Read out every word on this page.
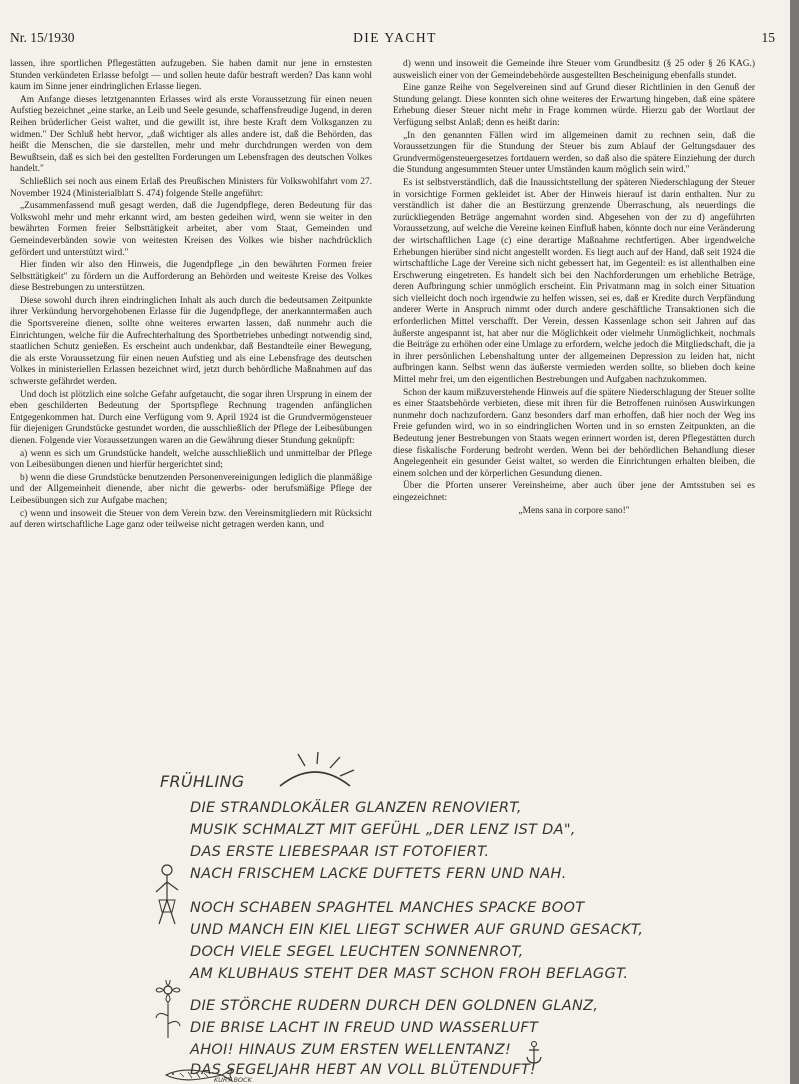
Nr. 15/1930	DIE YACHT	15

lassen, ihre sportlichen Pflegestätten aufzugeben. Sie haben damit nur jene in ernstesten Stunden verkündeten Erlasse befolgt — und sollen heute dafür bestraft werden? Das kann wohl kaum im Sinne jener eindringlichen Erlasse liegen.

Am Anfange dieses letztgenannten Erlasses wird als erste Voraussetzung für einen neuen Aufstieg bezeichnet „eine starke, an Leib und Seele gesunde, schaffensfreudige Jugend, in deren Reihen brüderlicher Geist waltet, und die gewillt ist, ihre beste Kraft dem Volksganzen zu widmen." Der Schluß hebt hervor, „daß wichtiger als alles andere ist, daß die Behörden, das heißt die Menschen, die sie darstellen, mehr und mehr durchdrungen werden von dem Bewußtsein, daß es sich bei den gestellten Forderungen um Lebensfragen des deutschen Volkes handelt."

Schließlich sei noch aus einem Erlaß des Preußischen Ministers für Volkswohlfahrt vom 27. November 1924 (Ministerialblatt S. 474) folgende Stelle angeführt:

„Zusammenfassend muß gesagt werden, daß die Jugendpflege, deren Bedeutung für das Volkswohl mehr und mehr erkannt wird, am besten gedeihen wird, wenn sie weiter in den bewährten Formen freier Selbsttätigkeit arbeitet, aber vom Staat, Gemeinden und Gemeindeverbänden sowie von weitesten Kreisen des Volkes wie bisher nachdrücklich gefördert und unterstützt wird."

Hier finden wir also den Hinweis, die Jugendpflege „in den bewährten Formen freier Selbsttätigkeit" zu fördern un die Aufforderung an Behörden und weiteste Kreise des Volkes diese Bestrebungen zu unterstützen.

Diese sowohl durch ihren eindringlichen Inhalt als auch durch die bedeutsamen Zeitpunkte ihrer Verkündung hervorgehobenen Erlasse für die Jugendpflege, der anerkanntermaßen auch die Sportsvereine dienen, sollte ohne weiteres erwarten lassen, daß nunmehr auch die Einrichtungen, welche für die Aufrechterhaltung des Sportbetriebes unbedingt notwendig sind, staatlichen Schutz genießen. Es erscheint auch undenkbar, daß Bestandteile einer Bewegung, die als erste Voraussetzung für einen neuen Aufstieg und als eine Lebensfrage des deutschen Volkes in ministeriellen Erlassen bezeichnet wird, jetzt durch behördliche Maßnahmen auf das schwerste gefährdet werden.

Und doch ist plötzlich eine solche Gefahr aufgetaucht, die sogar ihren Ursprung in einem der eben geschilderten Bedeutung der Sportspflege Rechnung tragenden anfänglichen Entgegenkommen hat. Durch eine Verfügung vom 9. April 1924 ist die Grundvermögensteuer für diejenigen Grundstücke gestundet worden, die ausschließlich der Pflege der Leibesübungen dienen. Folgende vier Voraussetzungen waren an die Gewährung dieser Stundung geknüpft:

a) wenn es sich um Grundstücke handelt, welche ausschließlich und unmittelbar der Pflege von Leibesübungen dienen und hierfür hergerichtet sind;

b) wenn die diese Grundstücke benutzenden Personenvereinigungen lediglich die planmäßige und der Allgemeinheit dienende, aber nicht die gewerbs- oder berufsmäßige Pflege der Leibesübungen sich zur Aufgabe machen;

c) wenn und insoweit die Steuer von dem Verein bzw. den Vereinsmitgliedern mit Rücksicht auf deren wirtschaftliche Lage ganz oder teilweise nicht getragen werden kann, und

d) wenn und insoweit die Gemeinde ihre Steuer vom Grundbesitz (§ 25 oder § 26 KAG.) ausweislich einer von der Gemeindebehörde ausgestellten Bescheinigung ebenfalls stundet.

Eine ganze Reihe von Segelvereinen sind auf Grund dieser Richtlinien in den Genuß der Stundung gelangt. Diese konnten sich ohne weiteres der Erwartung hingeben, daß eine spätere Erhebung dieser Steuer nicht mehr in Frage kommen würde. Hierzu gab der Wortlaut der Verfügung selbst Anlaß; denn es heißt darin:

„In den genannten Fällen wird im allgemeinen damit zu rechnen sein, daß die Voraussetzungen für die Stundung der Steuer bis zum Ablauf der Geltungsdauer des Grundvermögensteuergesetzes fortdauern werden, so daß also die spätere Einziehung der durch die Stundung angesummten Steuer unter Umständen kaum möglich sein wird."

Es ist selbstverständlich, daß die Inaussichtstellung der späteren Niederschlagung der Steuer in vorsichtige Formen gekleidet ist. Aber der Hinweis hierauf ist darin enthalten. Nur zu verständlich ist daher die an Bestürzung grenzende Überraschung, als neuerdings die zurückliegenden Beträge angemahnt worden sind. Abgesehen von der zu d) angeführten Voraussetzung, auf welche die Vereine keinen Einfluß haben, könnte doch nur eine Veränderung der wirtschaftlichen Lage (c) eine derartige Maßnahme rechtfertigen. Aber irgendwelche Erhebungen hierüber sind nicht angestellt worden. Es liegt auch auf der Hand, daß seit 1924 die wirtschaftliche Lage der Vereine sich nicht gebessert hat, im Gegenteil: es ist allenthalben eine Erschwerung eingetreten. Es handelt sich bei den Nachforderungen um erhebliche Beträge, deren Aufbringung schier unmöglich erscheint. Ein Privatmann mag in solch einer Situation sich vielleicht doch noch irgendwie zu helfen wissen, sei es, daß er Kredite durch Verpfändung anderer Werte in Anspruch nimmt oder durch andere geschäftliche Transaktionen sich die erforderlichen Mittel verschafft. Der Verein, dessen Kassenlage schon seit Jahren auf das äußerste angespannt ist, hat aber nur die Möglichkeit oder vielmehr Unmöglichkeit, nochmals die Beiträge zu erhöhen oder eine Umlage zu erfordern, welche jedoch die Mitgliedschaft, die ja in ihrer persönlichen Lebenshaltung unter der allgemeinen Depression zu leiden hat, nicht aufbringen kann. Selbst wenn das äußerste vermieden werden sollte, so blieben doch keine Mittel mehr frei, um den eigentlichen Bestrebungen und Aufgaben nachzukommen.

Schon der kaum mißzuverstehende Hinweis auf die spätere Niederschlagung der Steuer sollte es einer Staatsbehörde verbieten, diese mit ihren für die Betroffenen ruinösen Auswirkungen nunmehr doch nachzufordern. Ganz besonders darf man erhoffen, daß hier noch der Weg ins Freie gefunden wird, wo in so eindringlichen Worten und in so ernsten Zeitpunkten, an die Bedeutung jener Bestrebungen von Staats wegen erinnert worden ist, deren Pflegestätten durch diese fiskalische Forderung bedroht werden. Wenn bei der behördlichen Behandlung dieser Angelegenheit ein gesunder Geist waltet, so werden die Einrichtungen erhalten bleiben, die einem solchen und der körperlichen Gesundung dienen.

Über die Pforten unserer Vereinsheime, aber auch über jene der Amtsstuben sei es eingezeichnet:

„Mens sana in corpore sano!"

FRÜHLING
DIE STRANDLOKÄLER GLANZEN RENOVIERT,
MUSIK SCHMALZT MIT GEFÜHL „DER LENZ IST DA",
DAS ERSTE LIEBESPAAR IST FOTOFIERT.
NACH FRISCHEM LACKE DUFTETS FERN UND NAH.
NOCH SCHABEN SPAGHTEL MANCHES SPACKE BOOT
UND MANCH EIN KIEL LIEGT SCHWER AUF GRUND GESACKT,
DOCH VIELE SEGEL LEUCHTEN SONNENROT,
AM KLUBHAUS STEHT DER MAST SCHON FROH BEFLAGGT.
DIE STÖRCHE RUDERN DURCH DEN GOLDNEN GLANZ,
DIE BRISE LACHT IN FREUD UND WASSERLUFT
AHOI! HINAUS ZUM ERSTEN WELLENTANZ!
DAS SEGELJAHR HEBT AN VOLL BLÜTENDUFT!
KURT BOCK
